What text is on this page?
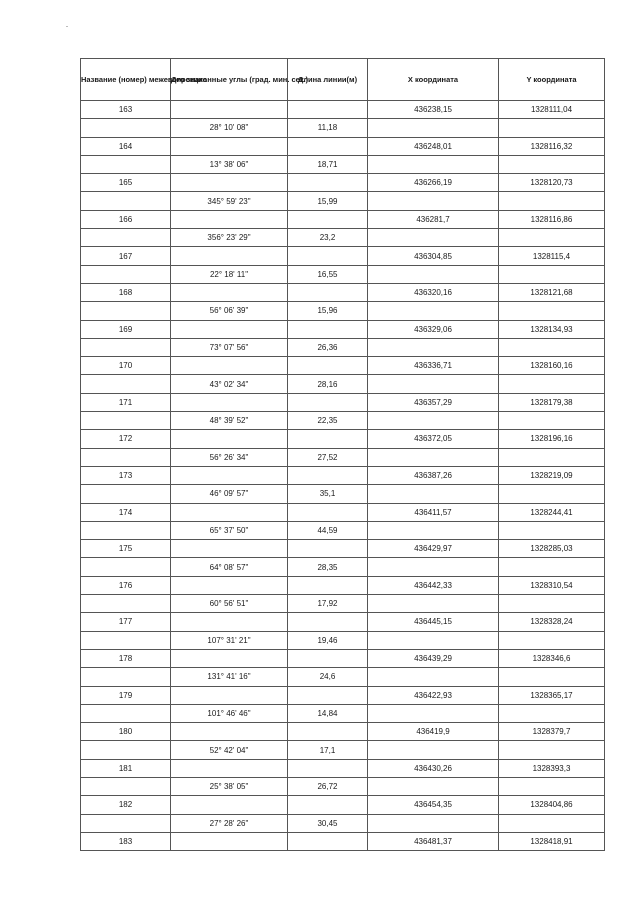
Название (номер) межевого знака	Дирекционные углы (град. мин. сек.)	Длина линии(м)	X координата	Y координата
163			436238,15	1328111,04
	28° 10' 08"	11,18		
164			436248,01	1328116,32
	13° 38' 06"	18,71		
165			436266,19	1328120,73
	345° 59' 23"	15,99		
166			436281,7	1328116,86
	356° 23' 29"	23,2		
167			436304,85	1328115,4
	22° 18' 11"	16,55		
168			436320,16	1328121,68
	56° 06' 39"	15,96		
169			436329,06	1328134,93
	73° 07' 56"	26,36		
170			436336,71	1328160,16
	43° 02' 34"	28,16		
171			436357,29	1328179,38
	48° 39' 52"	22,35		
172			436372,05	1328196,16
	56° 26' 34"	27,52		
173			436387,26	1328219,09
	46° 09' 57"	35,1		
174			436411,57	1328244,41
	65° 37' 50"	44,59		
175			436429,97	1328285,03
	64° 08' 57"	28,35		
176			436442,33	1328310,54
	60° 56' 51"	17,92		
177			436445,15	1328328,24
	107° 31' 21"	19,46		
178			436439,29	1328346,6
	131° 41' 16"	24,6		
179			436422,93	1328365,17
	101° 46' 46"	14,84		
180			436419,9	1328379,7
	52° 42' 04"	17,1		
181			436430,26	1328393,3
	25° 38' 05"	26,72		
182			436454,35	1328404,86
	27° 28' 26"	30,45		
183			436481,37	1328418,91
